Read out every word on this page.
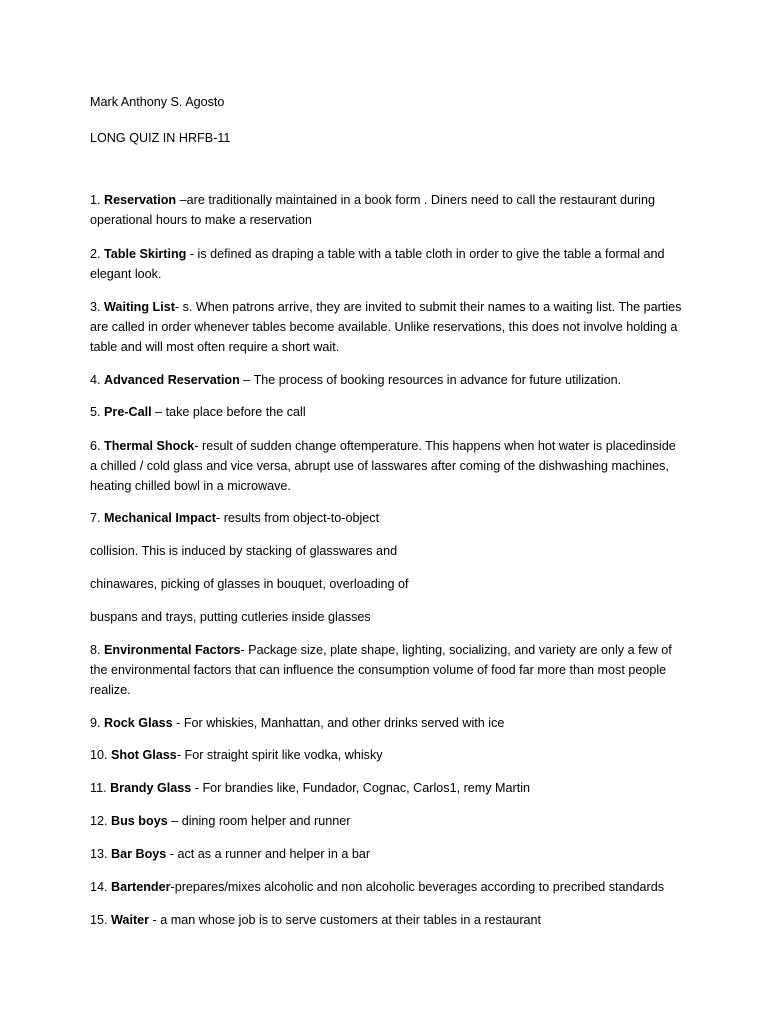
Mark Anthony S. Agosto

LONG QUIZ IN HRFB-11

1. Reservation –are traditionally maintained in a book form . Diners need to call the restaurant during operational hours to make a reservation

2. Table Skirting - is defined as draping a table with a table cloth in order to give the table a formal and elegant look.

3. Waiting List- s. When patrons arrive, they are invited to submit their names to a waiting list. The parties are called in order whenever tables become available. Unlike reservations, this does not involve holding a table and will most often require a short wait.

4. Advanced Reservation – The process of booking resources in advance for future utilization.

5. Pre-Call – take place before the call

6. Thermal Shock- result of sudden change oftemperature. This happens when hot water is placedinside a chilled / cold glass and vice versa, abrupt use of lasswares after coming of the dishwashing machines, heating chilled bowl in a microwave.

7. Mechanical Impact- results from object-to-object

collision. This is induced by stacking of glasswares and

chinawares, picking of glasses in bouquet, overloading of

buspans and trays, putting cutleries inside glasses

8. Environmental Factors- Package size, plate shape, lighting, socializing, and variety are only a few of the environmental factors that can influence the consumption volume of food far more than most people realize.

9. Rock Glass - For whiskies, Manhattan, and other drinks served with ice

10. Shot Glass- For straight spirit like vodka, whisky

11. Brandy Glass - For brandies like, Fundador, Cognac, Carlos1, remy Martin

12. Bus boys – dining room helper and runner

13. Bar Boys - act as a runner and helper in a bar

14. Bartender-prepares/mixes alcoholic and non alcoholic beverages according to precribed standards

15. Waiter - a man whose job is to serve customers at their tables in a restaurant
